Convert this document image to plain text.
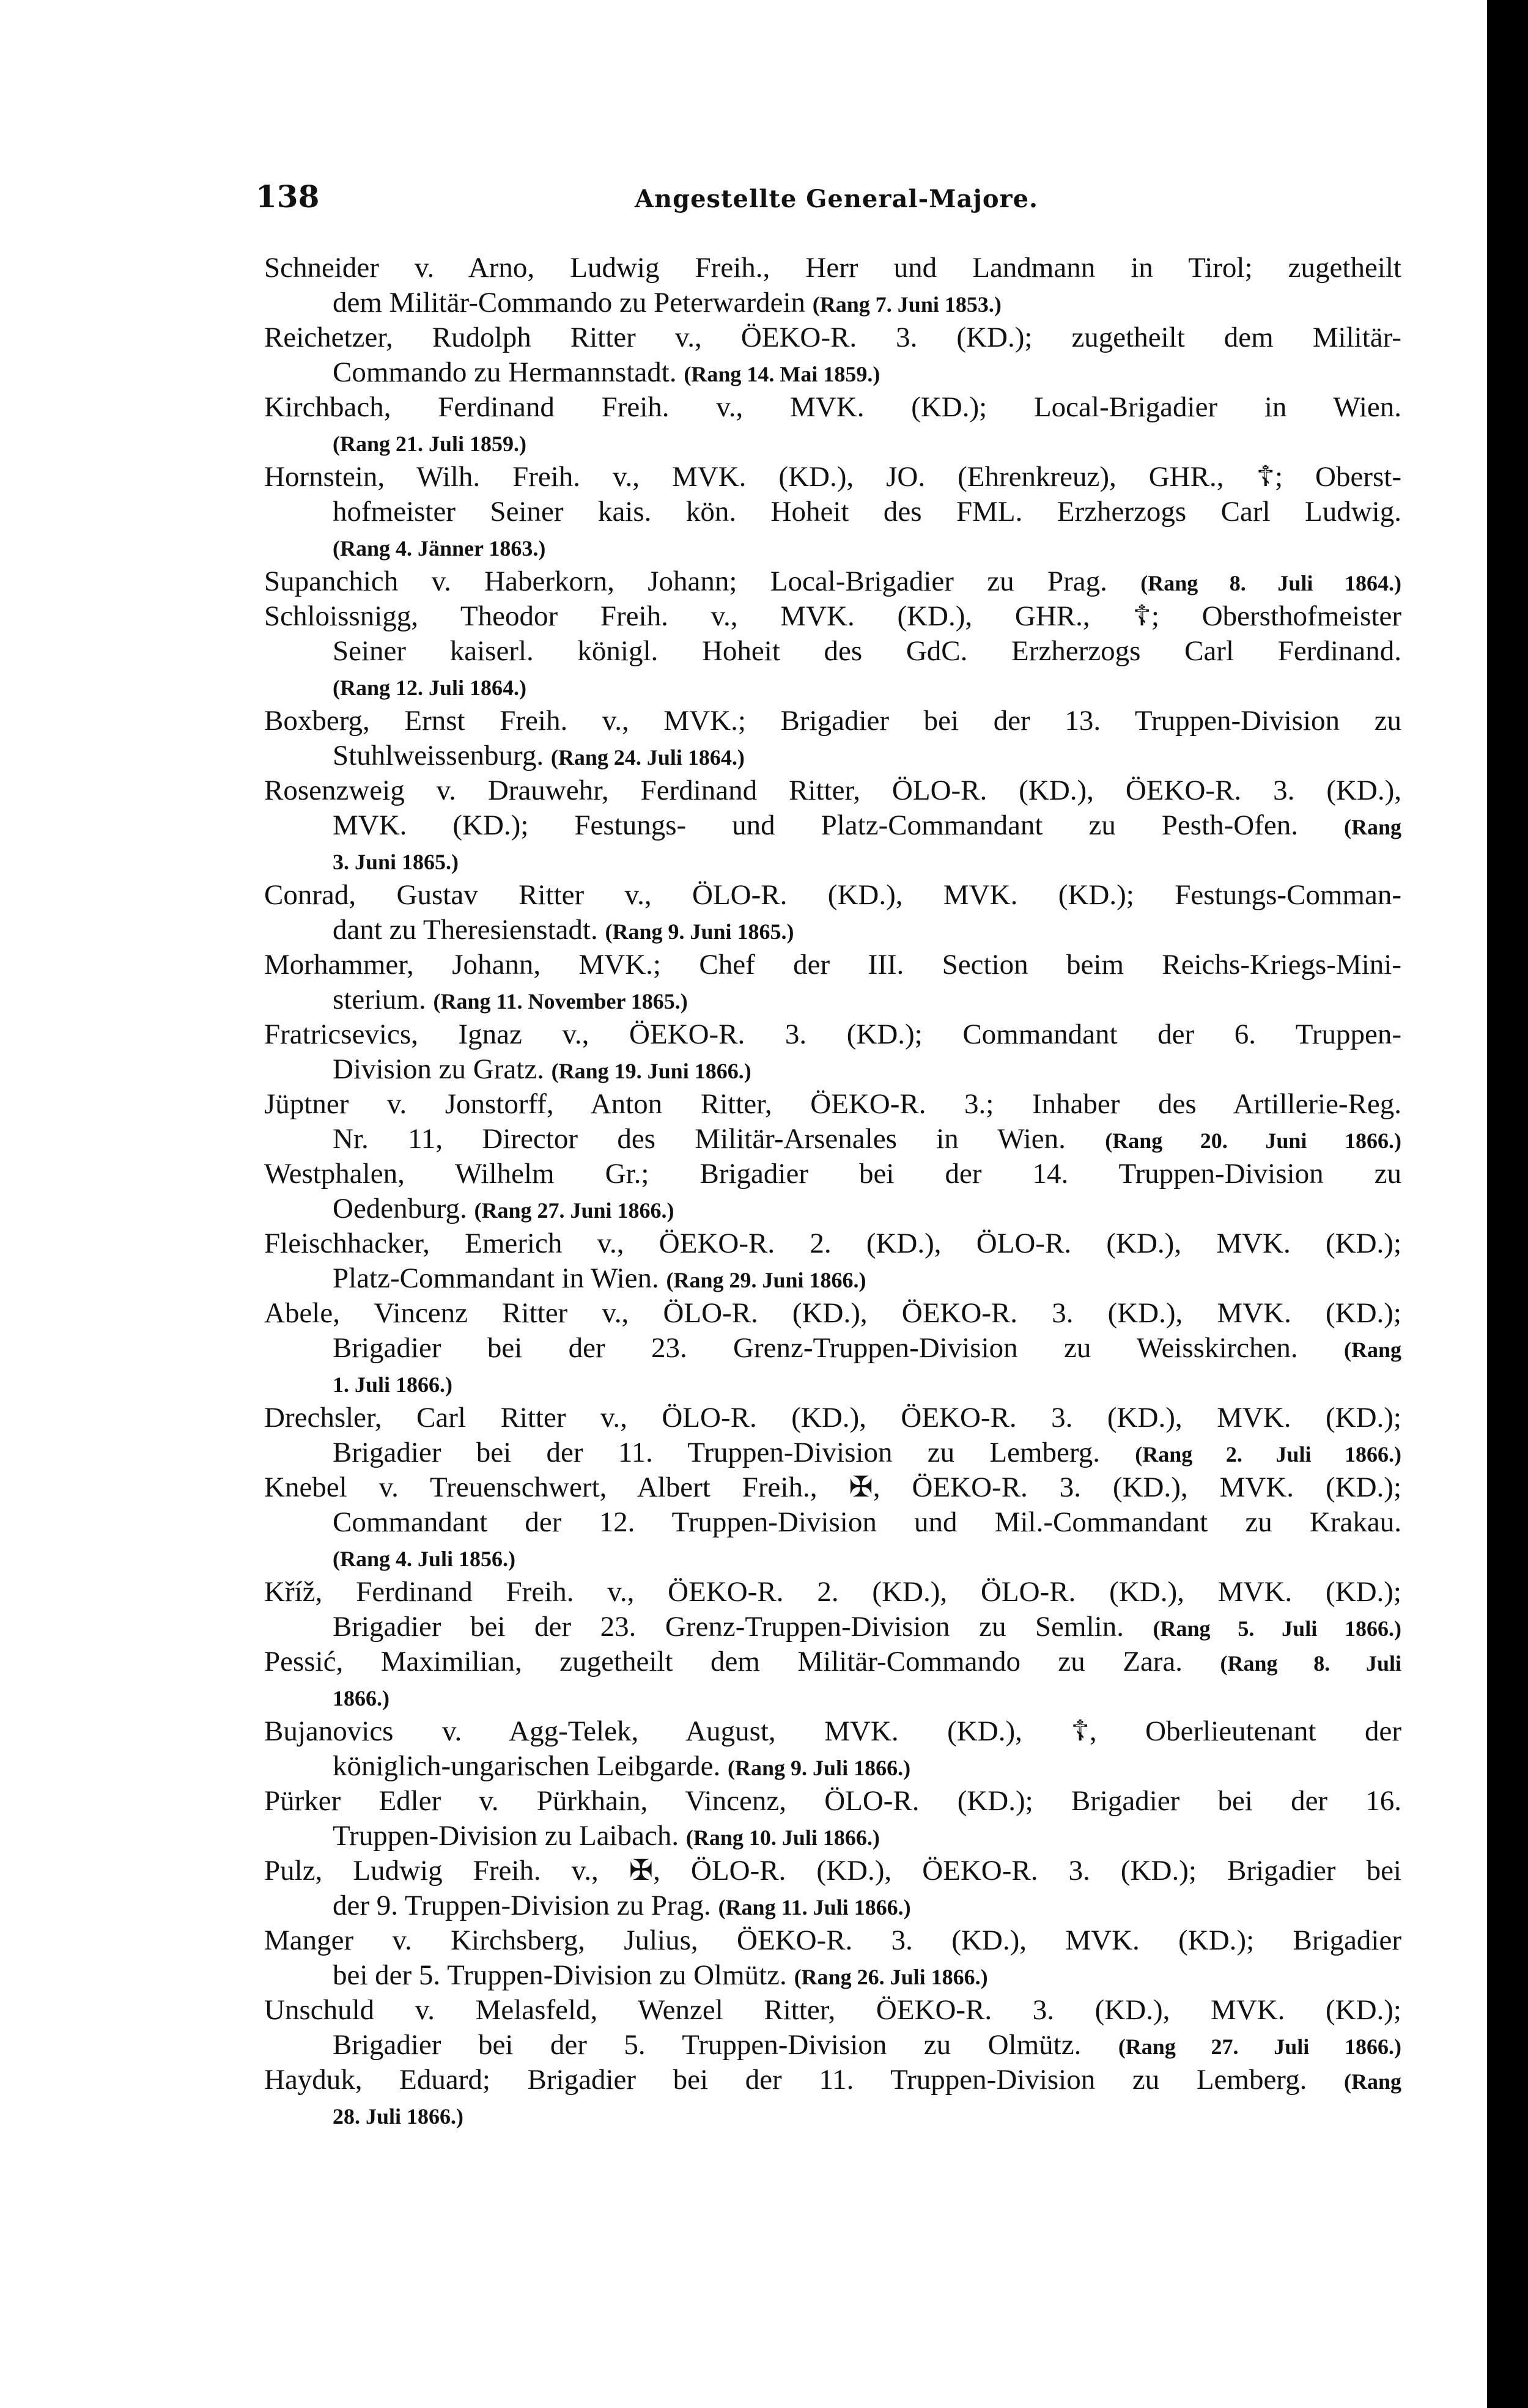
138	Angestellte General-Majore.
Schneider v. Arno, Ludwig Freih., Herr und Landmann in Tirol; zugetheilt
dem Militär-Commando zu Peterwardein (Rang 7. Juni 1853.)
Reichetzer, Rudolph Ritter v., ÖEKO-R. 3. (KD.); zugetheilt dem Militär-
Commando zu Hermannstadt. (Rang 14. Mai 1859.)
Kirchbach, Ferdinand Freih. v., MVK. (KD.); Local-Brigadier in Wien.
(Rang 21. Juli 1859.)
Hornstein, Wilh. Freih. v., MVK. (KD.), JO. (Ehrenkreuz), GHR., ☦; Oberst-
hofmeister Seiner kais. kön. Hoheit des FML. Erzherzogs Carl Ludwig.
(Rang 4. Jänner 1863.)
Supanchich v. Haberkorn, Johann; Local-Brigadier zu Prag. (Rang 8. Juli 1864.)
Schloissnigg, Theodor Freih. v., MVK. (KD.), GHR., ☦; Obersthofmeister
Seiner kaiserl. königl. Hoheit des GdC. Erzherzogs Carl Ferdinand.
(Rang 12. Juli 1864.)
Boxberg, Ernst Freih. v., MVK.; Brigadier bei der 13. Truppen-Division zu
Stuhlweissenburg. (Rang 24. Juli 1864.)
Rosenzweig v. Drauwehr, Ferdinand Ritter, ÖLO-R. (KD.), ÖEKO-R. 3. (KD.),
MVK. (KD.); Festungs- und Platz-Commandant zu Pesth-Ofen. (Rang
3. Juni 1865.)
Conrad, Gustav Ritter v., ÖLO-R. (KD.), MVK. (KD.); Festungs-Comman-
dant zu Theresienstadt. (Rang 9. Juni 1865.)
Morhammer, Johann, MVK.; Chef der III. Section beim Reichs-Kriegs-Mini-
sterium. (Rang 11. November 1865.)
Fratricsevics, Ignaz v., ÖEKO-R. 3. (KD.); Commandant der 6. Truppen-
Division zu Gratz. (Rang 19. Juni 1866.)
Jüptner v. Jonstorff, Anton Ritter, ÖEKO-R. 3.; Inhaber des Artillerie-Reg.
Nr. 11, Director des Militär-Arsenales in Wien. (Rang 20. Juni 1866.)
Westphalen, Wilhelm Gr.; Brigadier bei der 14. Truppen-Division zu
Oedenburg. (Rang 27. Juni 1866.)
Fleischhacker, Emerich v., ÖEKO-R. 2. (KD.), ÖLO-R. (KD.), MVK. (KD.);
Platz-Commandant in Wien. (Rang 29. Juni 1866.)
Abele, Vincenz Ritter v., ÖLO-R. (KD.), ÖEKO-R. 3. (KD.), MVK. (KD.);
Brigadier bei der 23. Grenz-Truppen-Division zu Weisskirchen. (Rang
1. Juli 1866.)
Drechsler, Carl Ritter v., ÖLO-R. (KD.), ÖEKO-R. 3. (KD.), MVK. (KD.);
Brigadier bei der 11. Truppen-Division zu Lemberg. (Rang 2. Juli 1866.)
Knebel v. Treuenschwert, Albert Freih., ✠, ÖEKO-R. 3. (KD.), MVK. (KD.);
Commandant der 12. Truppen-Division und Mil.-Commandant zu Krakau.
(Rang 4. Juli 1856.)
Kříž, Ferdinand Freih. v., ÖEKO-R. 2. (KD.), ÖLO-R. (KD.), MVK. (KD.);
Brigadier bei der 23. Grenz-Truppen-Division zu Semlin. (Rang 5. Juli 1866.)
Pessić, Maximilian, zugetheilt dem Militär-Commando zu Zara. (Rang 8. Juli
1866.)
Bujanovics v. Agg-Telek, August, MVK. (KD.), ☦, Oberlieutenant der
königlich-ungarischen Leibgarde. (Rang 9. Juli 1866.)
Pürker Edler v. Pürkhain, Vincenz, ÖLO-R. (KD.); Brigadier bei der 16.
Truppen-Division zu Laibach. (Rang 10. Juli 1866.)
Pulz, Ludwig Freih. v., ✠, ÖLO-R. (KD.), ÖEKO-R. 3. (KD.); Brigadier bei
der 9. Truppen-Division zu Prag. (Rang 11. Juli 1866.)
Manger v. Kirchsberg, Julius, ÖEKO-R. 3. (KD.), MVK. (KD.); Brigadier
bei der 5. Truppen-Division zu Olmütz. (Rang 26. Juli 1866.)
Unschuld v. Melasfeld, Wenzel Ritter, ÖEKO-R. 3. (KD.), MVK. (KD.);
Brigadier bei der 5. Truppen-Division zu Olmütz. (Rang 27. Juli 1866.)
Hayduk, Eduard; Brigadier bei der 11. Truppen-Division zu Lemberg. (Rang
28. Juli 1866.)
